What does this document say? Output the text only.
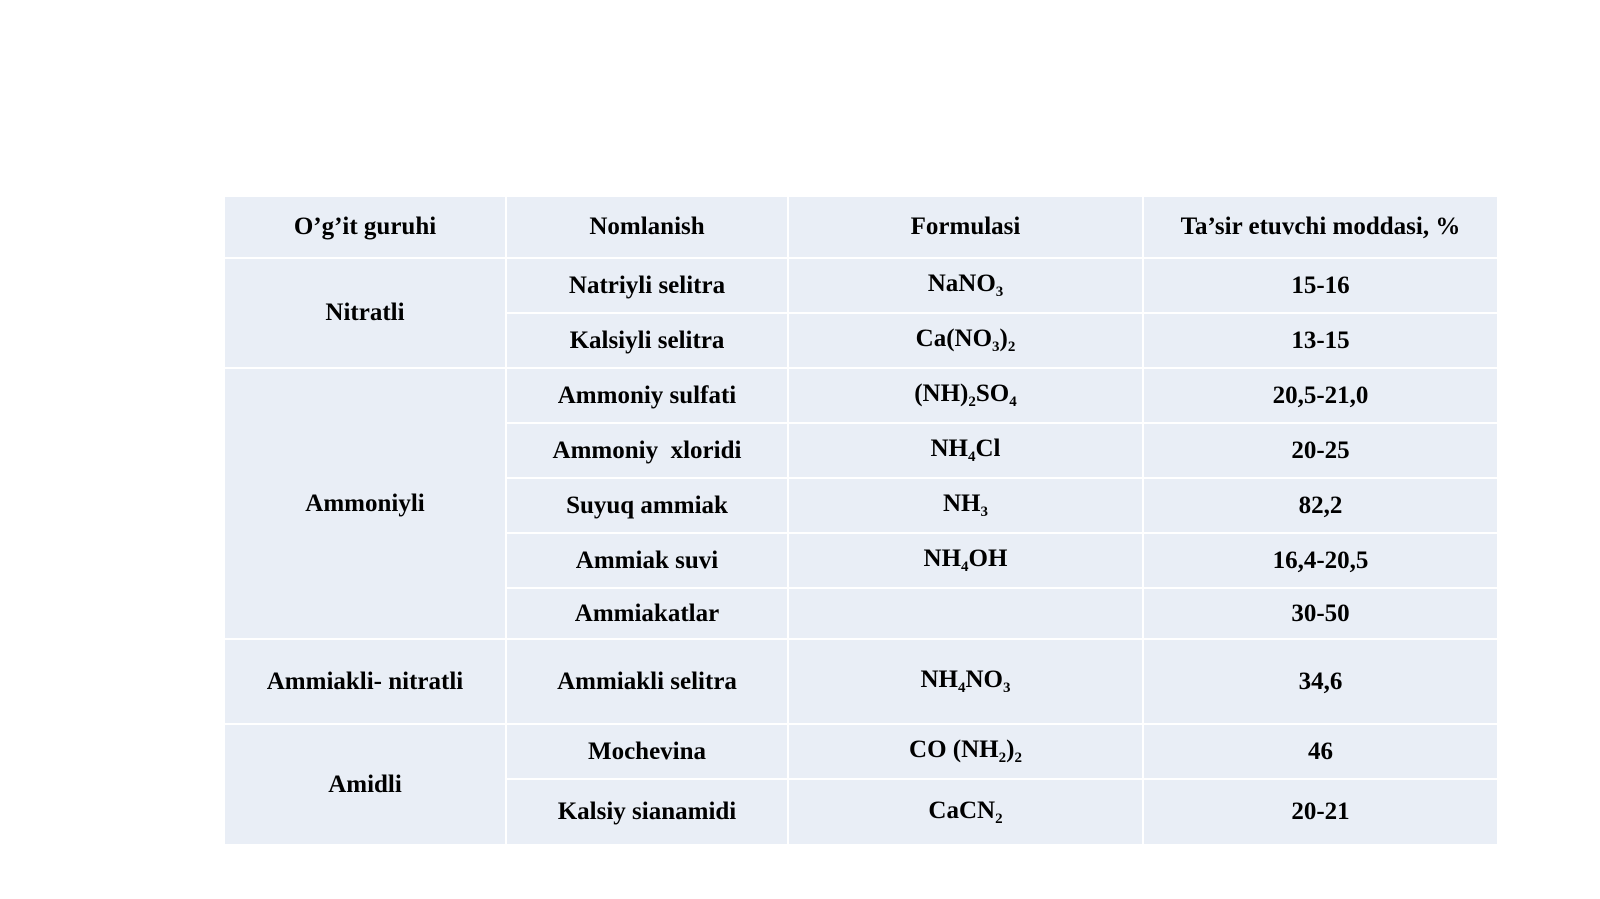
O’g’it guruhi	Nomlanish	Formulasi	Ta’sir etuvchi moddasi, %
Nitratli	Natriyli selitra	NaNO$_3$	15-16
	Kalsiyli selitra	$Ca(NO_3)_2$	13-15
Ammoniyli	Ammoniy sulfati	$(NH)_2SO_4$	20,5-21,0
	Ammoniy  xloridi	$NH_4Cl$	20-25
	Suyuq ammiak	$NH_3$	82,2
	Ammiak suvi	$NH_4OH$	16,4-20,5
	Ammiakatlar		30-50
Ammiakli- nitratli	Ammiakli selitra	$NH_4NO_3$	34,6
Amidli	Mochevina	CO $(NH_2)_2$	46
	Kalsiy sianamidi	CaCN$_2$	20-21
